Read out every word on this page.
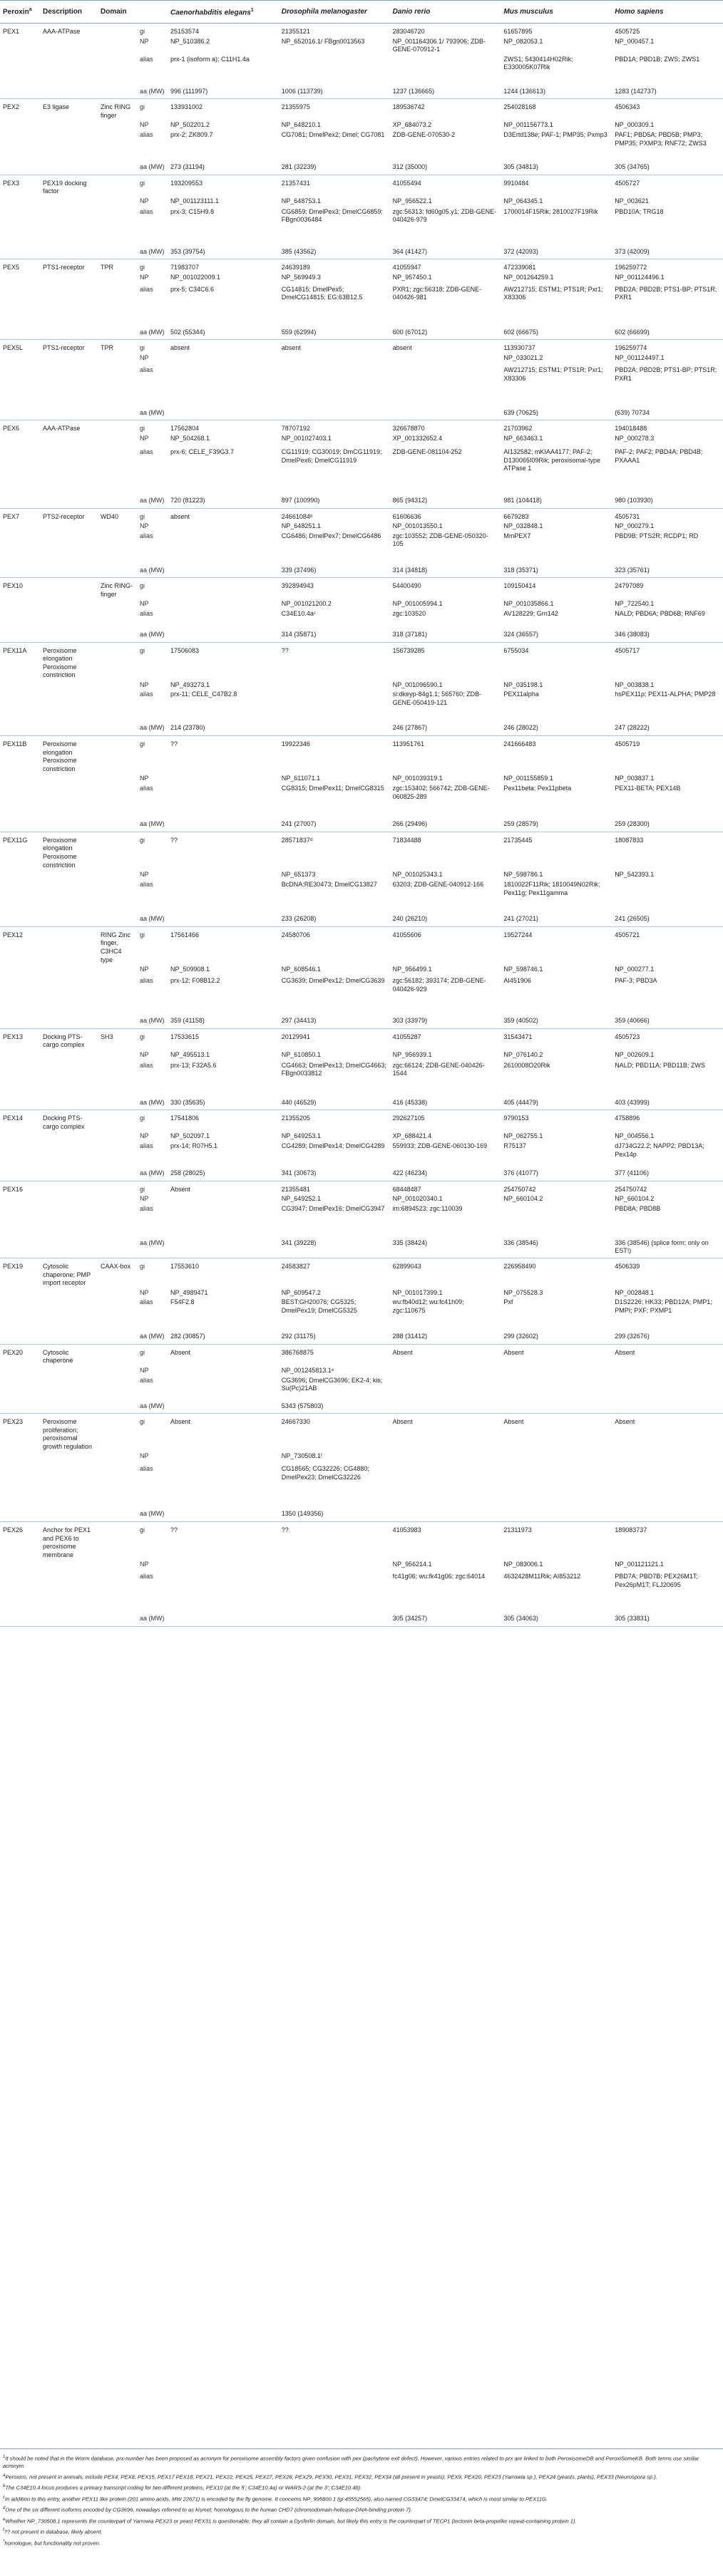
Peroxin$^a$	Description	Domain		Caenorhabditis elegans$^1$	Drosophila melanogaster	Danio rerio	Mus musculus	Homo sapiens
PEX1	AAA-ATPase		gi	25153574	21355121	283046720	61657895	4505725
			NP	NP_510386.2	NP_652016.1/ FBgn0013563	NP_001164306.1/ 793906; ZDB-GENE-070912-1	NP_082053.1	NP_000457.1
			alias	prx-1 (isoform a); C11H1.4a			ZWS1; 5430414H02Rik; E330005K07Rik	PBD1A; PBD1B; ZWS; ZWS1
			aa (MW)	996 (111997)	1006 (113739)	1237 (136665)	1244 (136613)	1283 (142737)
PEX2	E3 ligase	Zinc RING finger	gi	133931002	21355975	189536742	254028168	4506343
			NP	NP_502201.2	NP_648210.1	XP_684073.2	NP_001156773.1	NP_000309.1
			alias	prx-2; ZK809.7	CG7081; DmelPex2; Dmel; CG7081	ZDB-GENE-070530-2	D3Ertd138e; PAF-1; PMP35; Pxmp3	PAF1; PBD5A; PBD5B; PMP3; PMP35; PXMP3; RNF72; ZWS3
			aa (MW)	273 (31194)	281 (32239)	312 (35000)	305 (34813)	305 (34765)
PEX3	PEX19 docking factor		gi	193209553	21357431	41055494	9910484	4505727
			NP	NP_001123111.1	NP_648753.1	NP_956522.1	NP_064345.1	NP_003621
			alias	prx-3; C15H9.8	CG6859; DmelPex3; DmelCG6859; FBgn0036484	zgc:56313; fd60g05.y1; ZDB-GENE-040426-979	1700014F15Rik; 2810027F19Rik	PBD10A; TRG18
			aa (MW)	353 (39754)	385 (43562)	364 (41427)	372 (42093)	373 (42009)
PEX5	PTS1-receptor	TPR	gi	71983707	24639189	41055947	472339081	196259772
			NP	NP_001022009.1	NP_569949.3	NP_957450.1	NP_001264259.1	NP_001124496.1
			alias	prx-5; C34C6.6	CG14815; DmelPex5; DmelCG14815; EG:63B12.5	PXR1; zgc:56318; ZDB-GENE-040426-981	AW212715; ESTM1; PTS1R; Pxr1; X83306	PBD2A; PBD2B; PTS1-BP; PTS1R; PXR1
			aa (MW)	502 (55344)	559 (62994)	600 (67012)	602 (66675)	602 (66699)
PEX5L	PTS1-receptor	TPR	gi	absent	absent	absent	113930737	196259774
			NP				NP_033021.2	NP_001124497.1
			alias				AW212715; ESTM1; PTS1R; Pxr1; X83306	PBD2A; PBD2B; PTS1-BP; PTS1R; PXR1
			aa (MW)				639 (70625)	(639) 70734
PEX6	AAA-ATPase		gi	17562804	78707192	326678870	21703962	194018488
			NP	NP_504268.1	NP_001027403.1	XP_001332652.4	NP_663463.1	NP_000278.3
			alias	prx-6; CELE_F39G3.7	CG11919; CG30019; DmCG11919; DmelPex6; DmelCG11919	ZDB-GENE-081104-252	AI132582; mKIAA4177; PAF-2; D130065I09Rik; peroxisomal-type ATPase 1	PAF-2; PAF2; PBD4A; PBD4B; PXAAA1
			aa (MW)	720 (81223)	897 (100990)	865 (94312)	981 (104418)	980 (103930)
PEX7	PTS2-receptor	WD40	gi	absent	24661084ᵇ	61606636	6679283	4505731
			NP		NP_648251.1	NP_001013550.1	NP_032848.1	NP_000279.1
			alias		CG6486; DmelPex7; DmelCG6486	zgc:103552; ZDB-GENE-050320-105	MmPEX7	PBD9B; PTS2R; RCDP1; RD
			aa (MW)		339 (37496)	314 (34818)	318 (35371)	323 (35761)
PEX10		Zinc RING-finger	gi		392894943	54400490	109150414	24797089
			NP		NP_001021200.2	NP_001005994.1	NP_001035866.1	NP_722540.1
			alias		C34E10.4aᶜ	zgc:103520	AV128229; Grn142	NALD; PBD6A; PBD6B; RNF69
			aa (MW)		314 (35871)	318 (37181)	324 (36557)	346 (38083)
PEX11A	Peroxisome elongation Peroxisome constriction		gi	17506083	??	156739285	6755034	4505717
			NP	NP_493273.1		NP_001096590.1	NP_035198.1	NP_003838.1
			alias	prx-11; CELE_C47B2.8		si:dkeyp-84g1.1; 565760; ZDB-GENE-050419-121	PEX11alpha	hsPEX11p; PEX11-ALPHA; PMP28
			aa (MW)	214 (23780)		246 (27867)	246 (28022)	247 (28222)
PEX11B	Peroxisome elongation Peroxisome constriction		gi	??	19922346	113951761	241666483	4505719
			NP		NP_611071.1	NP_001039319.1	NP_001155859.1	NP_003837.1
			alias		CG8315; DmelPex11; DmelCG8315	zgc:153402; 566742; ZDB-GENE-060825-289	Pex11beta; Pex11pbeta	PEX11-BETA; PEX14B
			aa (MW)		241 (27007)	266 (29496)	259 (28579)	259 (28300)
PEX11G	Peroxisome elongation Peroxisome constriction		gi	??	28571837ᵈ	71834488	21735445	18087833
			NP		NP_651373	NP_001025343.1	NP_598786.1	NP_542393.1
			alias		BcDNA:RE30473; DmelCG13827	63203; ZDB-GENE-040912-166	1810022F11Rik; 1810049N02Rik; Pex11g; Pex11gamma	
			aa (MW)		233 (26208)	240 (26210)	241 (27021)	241 (26505)
PEX12		RING Zinc finger, C3HC4 type	gi	17561466	24580706	41055606	19527244	4505721
			NP	NP_509908.1	NP_608546.1	NP_956499.1	NP_598746.1	NP_000277.1
			alias	prx-12; F08B12.2	CG3639; DmelPex12; DmelCG3639	zgc:56182; 393174; ZDB-GENE-040426-929	AI451906	PAF-3; PBD3A
			aa (MW)	359 (41158)	297 (34413)	303 (33979)	359 (40502)	359 (40666)
PEX13	Docking PTS-cargo complex	SH3	gi	17533615	20129941	41055287	31543471	4505723
			NP	NP_495513.1	NP_610850.1	NP_956939.1	NP_076140.2	NP_002609.1
			alias	prx-13; F32A5.6	CG4663; DmelPex13; DmelCG4663; FBgn0033812	zgc:66124; ZDB-GENE-040426-1544	2610008O20Rik	NALD; PBD11A; PBD11B; ZWS
			aa (MW)	330 (35635)	440 (46529)	416 (45338)	405 (44479)	403 (43999)
PEX14	Docking PTS-cargo complex		gi	17541806	21355205	292627105	9790153	4758896
			NP	NP_502097.1	NP_649253.1	XP_688421.4	NP_062755.1	NP_004556.1
			alias	prx-14; R07H5.1	CG4289; DmelPex14; DmelCG4289	559933; ZDB-GENE-060130-169	R75137	dJ734G22.2; NAPP2; PBD13A; Pex14p
			aa (MW)	258 (28025)	341 (30673)	422 (46234)	376 (41077)	377 (41106)
PEX16			gi	Absent	21355481	68448487	254750742	254750742
			NP		NP_649252.1	NP_001020340.1	NP_660104.2	NP_660104.2
			alias		CG3947; DmelPex16; DmelCG3947	im:6894523; zgc:110039		PBD8A; PBD8B
			aa (MW)		341 (39228)	335 (38424)	336 (38546)	336 (38546) (splice form; only on EST!)
PEX19	Cytosolic chaperone; PMP import receptor	CAAX-box	gi	17553610	24583827	62899043	226958490	4506339
			NP	NP_4989471	NP_609547.2	NP_001017399.1	NP_075528.3	NP_002848.1
			alias	F54F2.8	BEST:GH20076; CG5325; DmelPex19; DmelCG5325	wu:fb40d12; wu:fc41h09; zgc:110675	Pxf	D1S2226; HK33; PBD12A; PMP1; PMPI; PXF; PXMP1
			aa (MW)	282 (30857)	292 (31175)	288 (31412)	299 (32602)	299 (32676)
PEX20	Cytosolic chaperone		gi	Absent	386768875	Absent	Absent	Absent
			NP		NP_001245813.1ᵉ			
			alias		CG3696; DmelCG3696; EK2-4; kis; Su(Pc)21AB			
			aa (MW)		5343 (575803)			
PEX23	Peroxisome proliferation; peroxisomal growth regulation		gi	Absent	24667330	Absent	Absent	Absent
			NP		NP_730508.1ᶠ			
			alias		CG18565; CG32226; CG4880; DmelPex23; DmelCG32226			
			aa (MW)		1350 (149356)			
PEX26	Anchor for PEX1 and PEX6 to peroxisome membrane		gi	??	??	41053983	21311973	189083737
			NP			NP_956214.1	NP_083006.1	NP_001121121.1
			alias			fc41g06; wu:fk41g06; zgc:64014	4632428M11Rik; AI853212	PBD7A; PBD7B; PEX26M1T; Pex26pM1T; FLJ20695
			aa (MW)			305 (34257)	305 (34063)	305 (33831)

$^1$It should be noted that in the Worm database, prx-number has been proposed as acronym for peroxisome assembly factors given confusion with pex (pachytene exit defect). However, various entries related to prx are linked to both PeroxisomeDB and PeroxiSomeKB. Both terms use similar acronym.

$^a$Peroxins, not present in animals, include PEX4, PEX8, PEX15, PEX17 PEX18, PEX21, PEX22, PEX25, PEX27, PEX28, PEX29, PEX30, PEX31, PEX32, PEX34 (all present in yeasts), PEX9, PEX20, PEX23 (Yarrowia sp.), PEX24 (yeasts, plants), PEX33 (Neurospora sp.).

$^b$The C34E10.4 locus produces a primary transcript coding for two different proteins, PEX10 (at the 5′; C34E10.4a) or WARS-2 (at the 3′; C34E10.4b).

$^c$In addition to this entry, another PEX11 like protein (201 amino acids, MW 22671) is encoded by the fly genome. It concerns NP_995800.1 (gi 45552565), also named CG33474; DmelCG33474, which is most similar to PEX11G.

$^d$One of the six different isoforms encoded by CG3696, nowadays referred to as kismet; homologous to the human CHD7 (chromodomain-helicase-DNA-binding protein 7).

$^e$Whether NP_730508.1 represents the counterpart of Yarrowia PEX23 or yeast PEX31 is questionable; they all contain a Dysferlin domain, but likely this entry is the counterpart of TECP1 (tectonin beta-propeller repeat-containing protein 1).

$^f$?? not present in database, likely absent.

*homologue, but functionality not proven.
